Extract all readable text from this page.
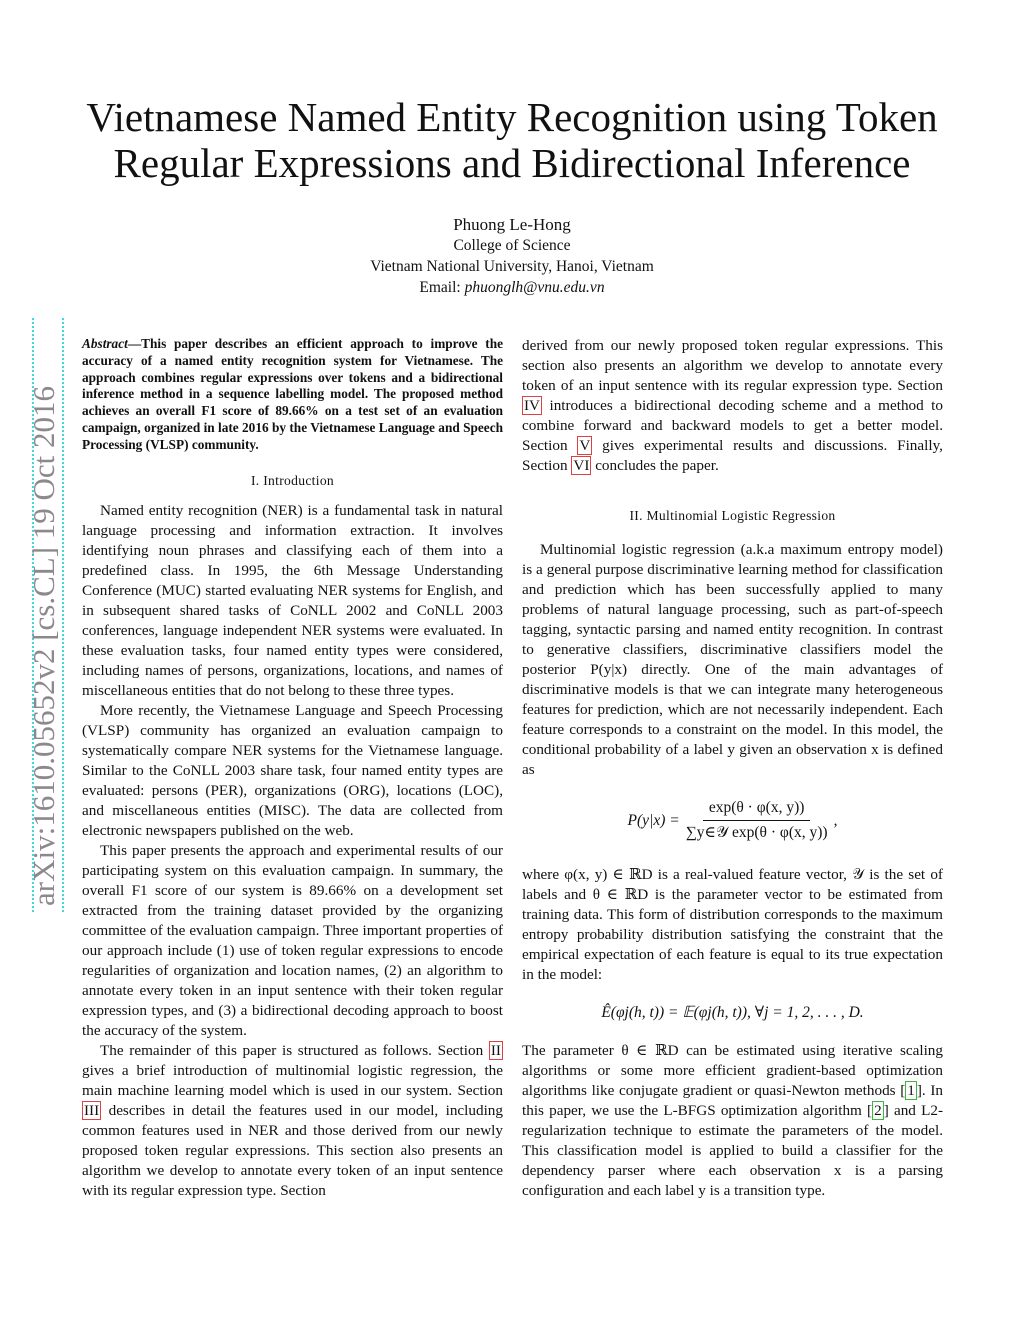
Vietnamese Named Entity Recognition using Token Regular Expressions and Bidirectional Inference
Phuong Le-Hong
College of Science
Vietnam National University, Hanoi, Vietnam
Email: phuonglh@vnu.edu.vn
arXiv:1610.05652v2 [cs.CL] 19 Oct 2016
Abstract—This paper describes an efficient approach to improve the accuracy of a named entity recognition system for Vietnamese. The approach combines regular expressions over tokens and a bidirectional inference method in a sequence labelling model. The proposed method achieves an overall F1 score of 89.66% on a test set of an evaluation campaign, organized in late 2016 by the Vietnamese Language and Speech Processing (VLSP) community.
I. Introduction

Named entity recognition (NER) is a fundamental task in natural language processing and information extraction. It involves identifying noun phrases and classifying each of them into a predefined class. In 1995, the 6th Message Understanding Conference (MUC) started evaluating NER systems for English, and in subsequent shared tasks of CoNLL 2002 and CoNLL 2003 conferences, language independent NER systems were evaluated. In these evaluation tasks, four named entity types were considered, including names of persons, organizations, locations, and names of miscellaneous entities that do not belong to these three types.

More recently, the Vietnamese Language and Speech Processing (VLSP) community has organized an evaluation campaign to systematically compare NER systems for the Vietnamese language. Similar to the CoNLL 2003 share task, four named entity types are evaluated: persons (PER), organizations (ORG), locations (LOC), and miscellaneous entities (MISC). The data are collected from electronic newspapers published on the web.

This paper presents the approach and experimental results of our participating system on this evaluation campaign. In summary, the overall F1 score of our system is 89.66% on a development set extracted from the training dataset provided by the organizing committee of the evaluation campaign. Three important properties of our approach include (1) use of token regular expressions to encode regularities of organization and location names, (2) an algorithm to annotate every token in an input sentence with their token regular expression types, and (3) a bidirectional decoding approach to boost the accuracy of the system.

The remainder of this paper is structured as follows. Section II gives a brief introduction of multinomial logistic regression, the main machine learning model which is used in our system. Section III describes in detail the features used in our model, including common features used in NER and those derived from our newly proposed token regular expressions. This section also presents an algorithm we develop to annotate every token of an input sentence with its regular expression type. Section

derived from our newly proposed token regular expressions. This section also presents an algorithm we develop to annotate every token of an input sentence with its regular expression type. Section IV introduces a bidirectional decoding scheme and a method to combine forward and backward models to get a better model. Section V gives experimental results and discussions. Finally, Section VI concludes the paper.

II. Multinomial Logistic Regression

Multinomial logistic regression (a.k.a maximum entropy model) is a general purpose discriminative learning method for classification and prediction which has been successfully applied to many problems of natural language processing, such as part-of-speech tagging, syntactic parsing and named entity recognition. In contrast to generative classifiers, discriminative classifiers model the posterior P(y|x) directly. One of the main advantages of discriminative models is that we can integrate many heterogeneous features for prediction, which are not necessarily independent. Each feature corresponds to a constraint on the model. In this model, the conditional probability of a label y given an observation x is defined as

$P(y|x) = \frac{\exp(\theta \cdot \varphi(x, y))}{\text{∑y∈𝒴 exp(θ · φ(x, y))}}$ ,

where φ(x, y) ∈ ℝD is a real-valued feature vector, 𝒴 is the set of labels and θ ∈ ℝD is the parameter vector to be estimated from training data. This form of distribution corresponds to the maximum entropy probability distribution satisfying the constraint that the empirical expectation of each feature is equal to its true expectation in the model:

Ê(φj(h, t)) = 𝔼(φj(h, t)), ∀j = 1, 2, . . . , D.

The parameter θ ∈ ℝD can be estimated using iterative scaling algorithms or some more efficient gradient-based optimization algorithms like conjugate gradient or quasi-Newton methods [ 1 ]. In this paper, we use the L-BFGS optimization algorithm [ 2 ] and L2-regularization technique to estimate the parameters of the model. This classification model is applied to build a classifier for the dependency parser where each observation x is a parsing configuration and each label y is a transition type.
